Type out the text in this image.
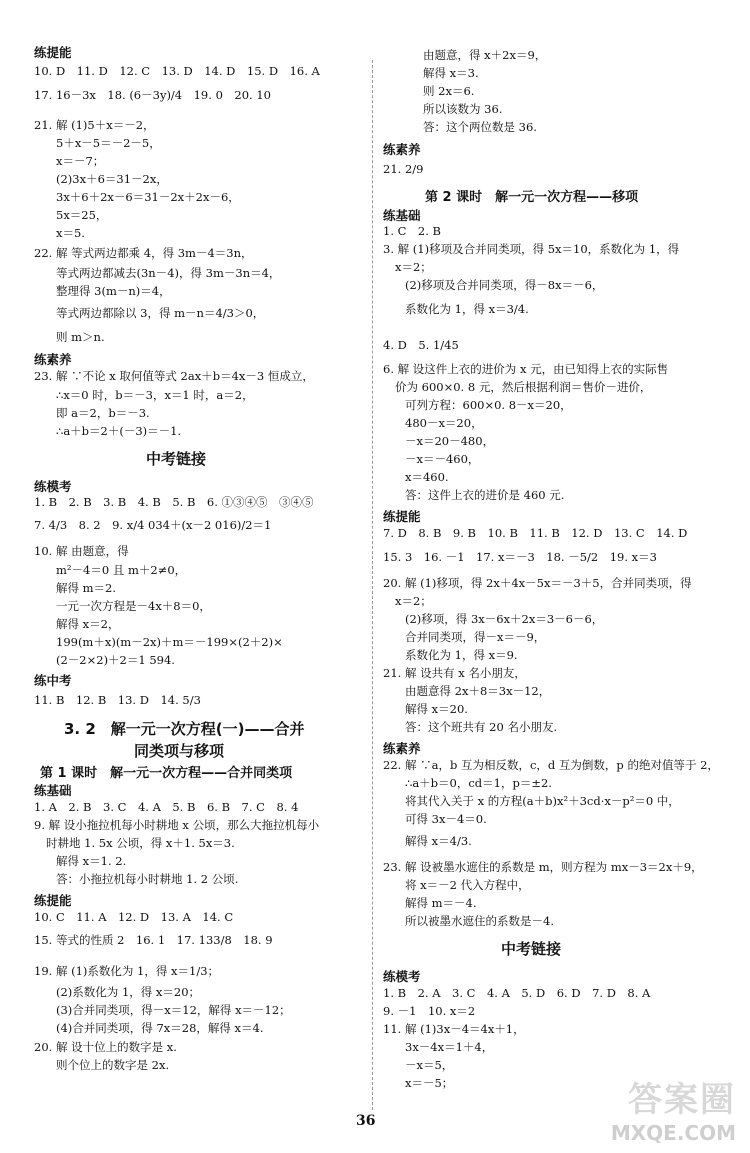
练提能
10. D　11. D　12. C　13. D　14. D　15. D　16. A
17. 16－3x　18. (6－3y)/4　19. 0　20. 10
21. 解 (1)5＋x＝－2，
5＋x－5＝－2－5，
x＝－7；
(2)3x＋6＝31－2x，
3x＋6＋2x－6＝31－2x＋2x－6，
5x＝25，
x＝5.
22. 解 等式两边都乘 4，得 3m－4＝3n，
等式两边都减去(3n－4)，得 3m－3n＝4，
整理得 3(m－n)＝4，
等式两边都除以 3，得 m－n＝4/3＞0，
则 m＞n.
练素养
23. 解 ∵不论 x 取何值等式 2ax＋b＝4x－3 恒成立，
∴x＝0 时，b＝－3，x＝1 时，a＝2，
即 a＝2，b＝－3.
∴a＋b＝2＋(－3)＝－1.
中考链接
练模考
1. B　2. B　3. B　4. B　5. B　6. ①③④⑤　③④⑤
7. 4/3　8. 2　9. x/4 034＋(x－2 016)/2＝1
10. 解 由题意，得
m²－4＝0 且 m＋2≠0，
解得 m＝2.
一元一次方程是－4x＋8＝0，
解得 x＝2，
199(m＋x)(m－2x)＋m＝－199×(2＋2)×
(2－2×2)＋2＝1 594.
练中考
11. B　12. B　13. D　14. 5/3
3. 2　解一元一次方程(一)——合并
同类项与移项
第 1 课时　解一元一次方程——合并同类项
练基础
1. A　2. B　3. C　4. A　5. B　6. B　7. C　8. 4
9. 解 设小拖拉机每小时耕地 x 公顷，那么大拖拉机每小
时耕地 1. 5x 公顷，得 x＋1. 5x＝3.
解得 x＝1. 2.
答：小拖拉机每小时耕地 1. 2 公顷.
练提能
10. C　11. A　12. D　13. A　14. C
15. 等式的性质 2　16. 1　17. 133/8　18. 9
19. 解 (1)系数化为 1，得 x＝1/3；
(2)系数化为 1，得 x＝20；
(3)合并同类项，得－x＝12，解得 x＝－12；
(4)合并同类项，得 7x＝28，解得 x＝4.
20. 解 设十位上的数字是 x.
则个位上的数字是 2x.
由题意，得 x＋2x＝9，
解得 x＝3.
则 2x＝6.
所以该数为 36.
答：这个两位数是 36.
练素养
21. 2/9
第 2 课时　解一元一次方程——移项
练基础
1. C　2. B
3. 解 (1)移项及合并同类项，得 5x＝10，系数化为 1，得
x＝2；
(2)移项及合并同类项，得－8x＝－6，
系数化为 1，得 x＝3/4.
4. D　5. 1/45
6. 解 设这件上衣的进价为 x 元，由已知得上衣的实际售
价为 600×0. 8 元，然后根据利润＝售价－进价，
可列方程：600×0. 8－x＝20，
480－x＝20，
－x＝20－480，
－x＝－460，
x＝460.
答：这件上衣的进价是 460 元.
练提能
7. D　8. B　9. B　10. B　11. B　12. D　13. C　14. D
15. 3　16. －1　17. x＝－3　18. －5/2　19. x＝3
20. 解 (1)移项，得 2x＋4x－5x＝－3＋5，合并同类项，得
x＝2；
(2)移项，得 3x－6x＋2x＝3－6－6，
合并同类项，得－x＝－9，
系数化为 1，得 x＝9.
21. 解 设共有 x 名小朋友，
由题意得 2x＋8＝3x－12，
解得 x＝20.
答：这个班共有 20 名小朋友.
练素养
22. 解 ∵a，b 互为相反数，c，d 互为倒数，p 的绝对值等于 2，
∴a＋b＝0，cd＝1，p＝±2.
将其代入关于 x 的方程(a＋b)x²＋3cd·x－p²＝0 中，
可得 3x－4＝0.
解得 x＝4/3.
23. 解 设被墨水遮住的系数是 m，则方程为 mx－3＝2x＋9，
将 x＝－2 代入方程中，
解得 m＝－4.
所以被墨水遮住的系数是－4.
中考链接
练模考
1. B　2. A　3. C　4. A　5. D　6. D　7. D　8. A
9. －1　10. x＝2
11. 解 (1)3x－4＝4x＋1，
3x－4x＝1＋4，
－x＝5，
x＝－5；
36
答案圈
MXQE.COM
